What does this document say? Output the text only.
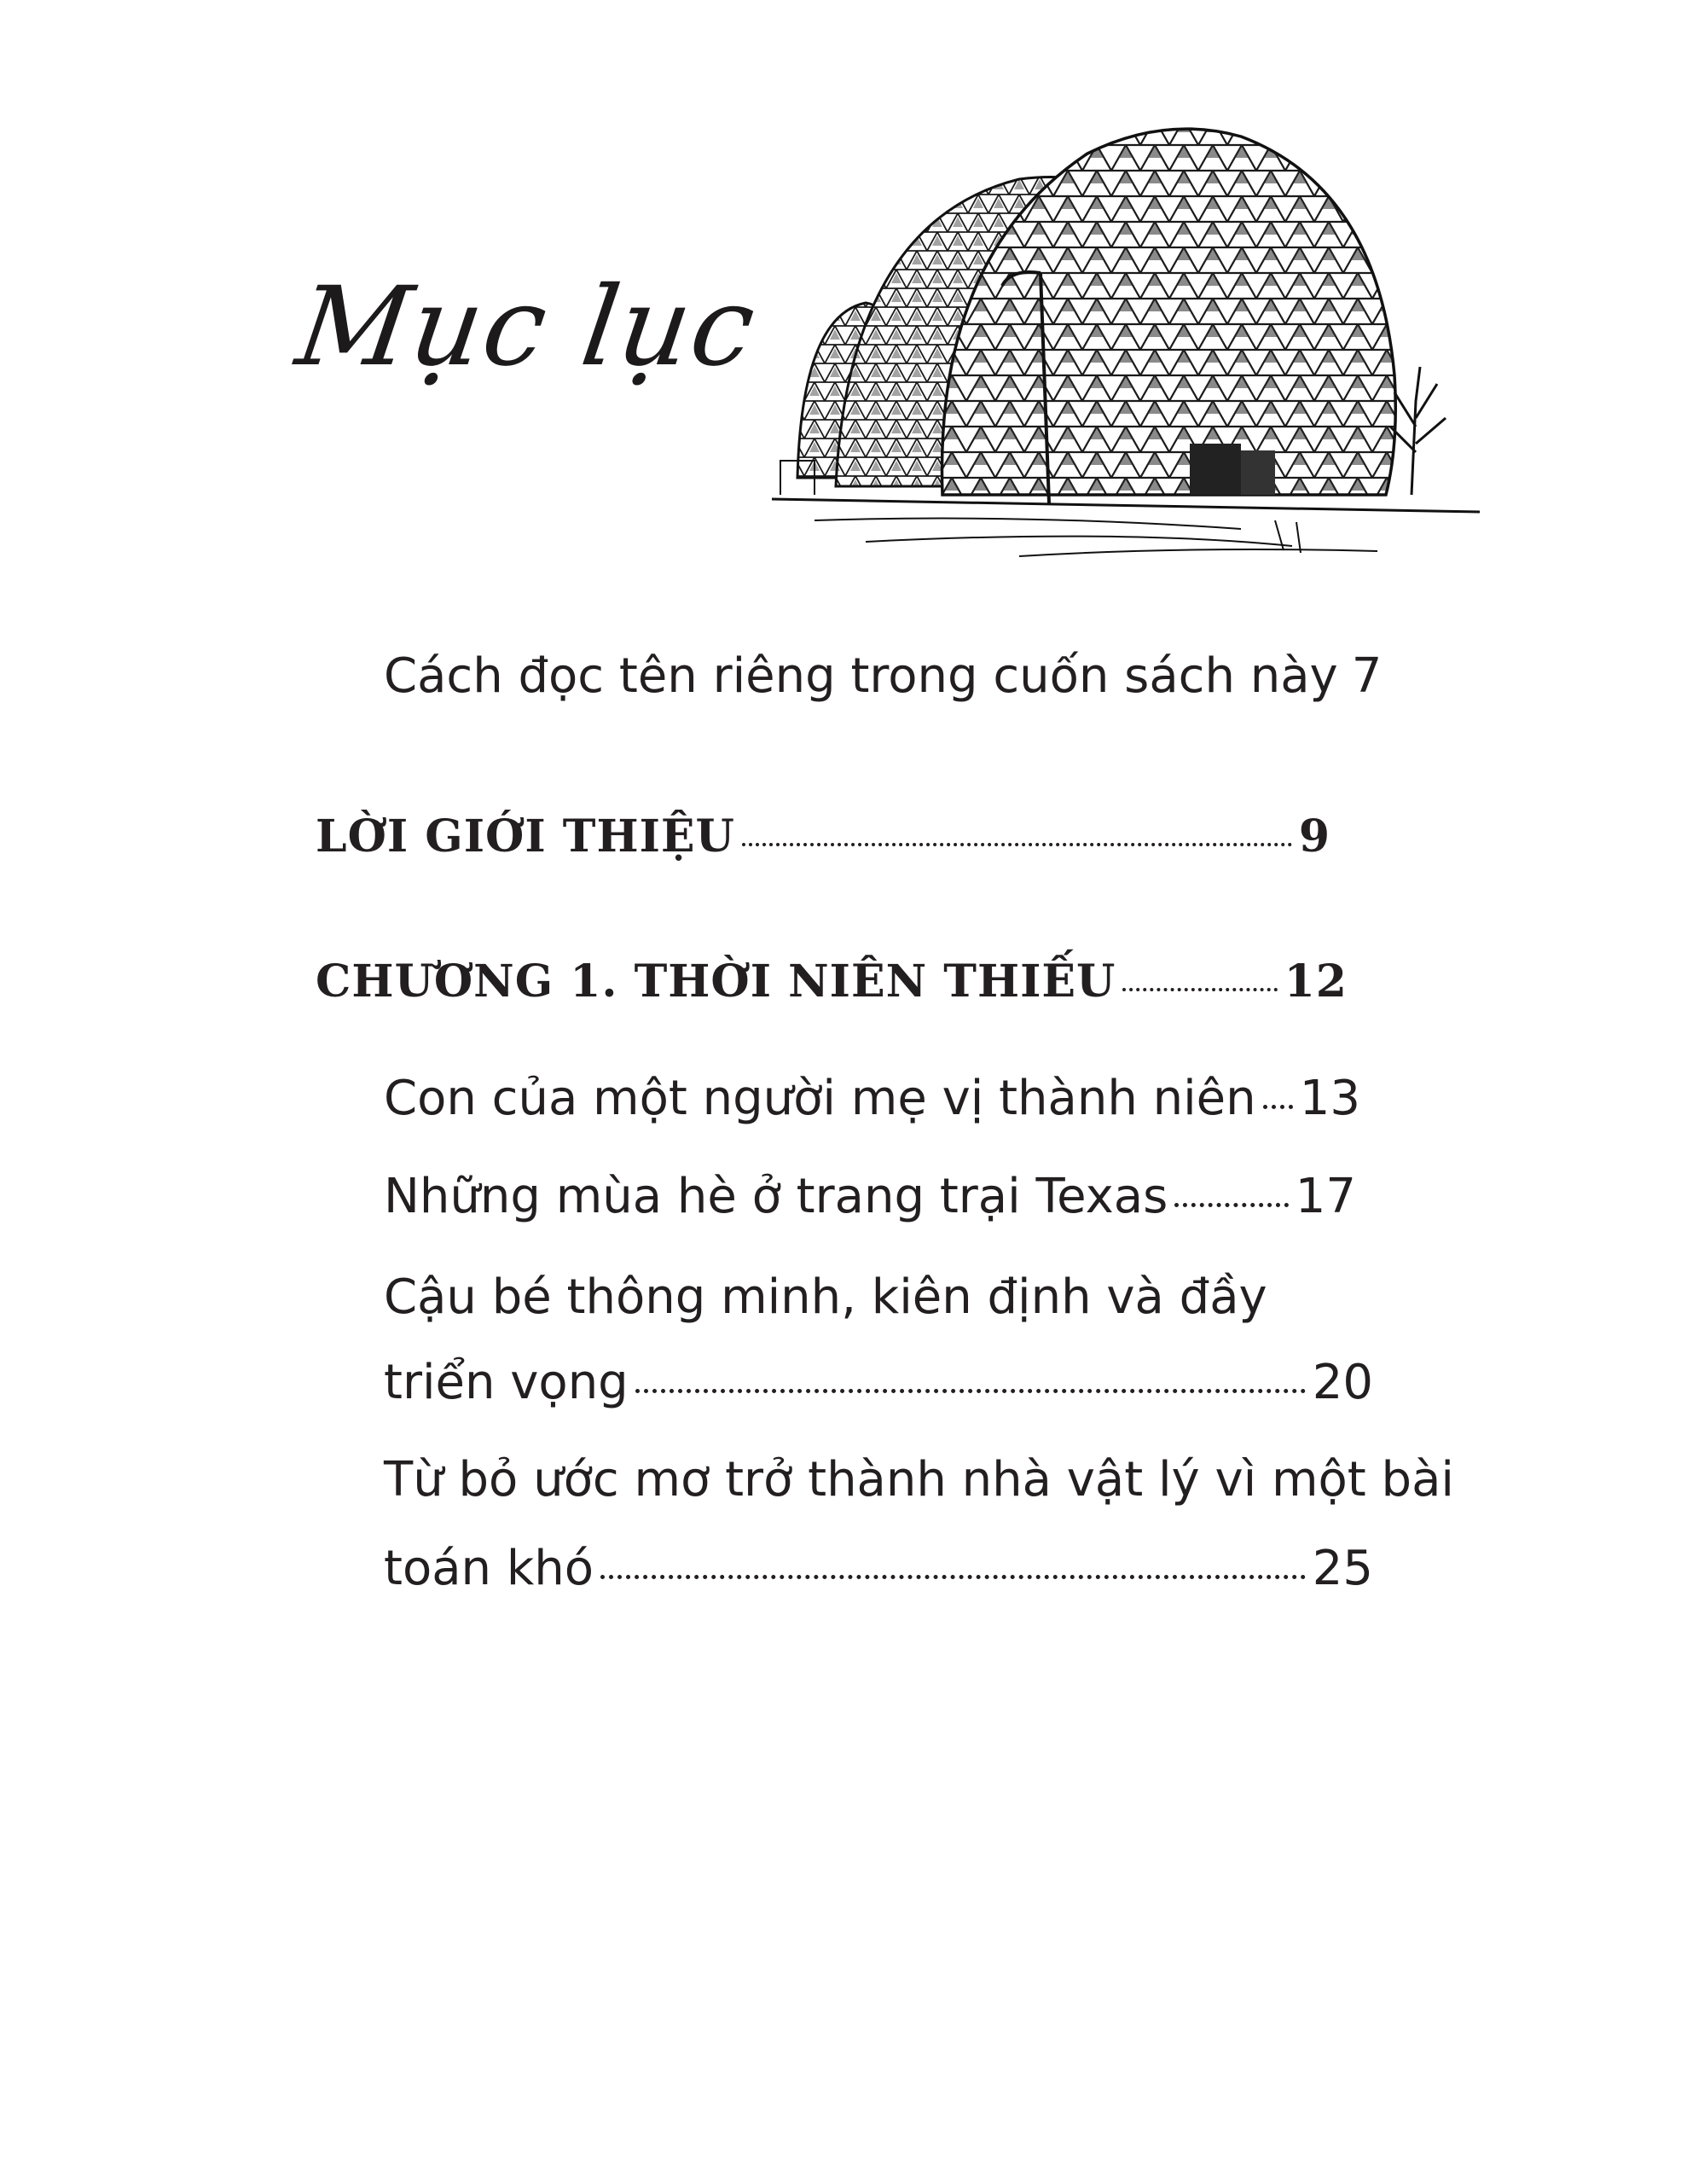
Mục lục
Cách đọc tên riêng trong cuốn sách này 7
LỜI GIỚI THIỆU	9
CHƯƠNG 1. THỜI NIÊN THIẾU	12
Con của một người mẹ vị thành niên 13
Những mùa hè ở trang trại Texas	17
Cậu bé thông minh, kiên định và đầy
triển vọng	20
Từ bỏ ước mơ trở thành nhà vật lý vì một bài
toán khó	25
